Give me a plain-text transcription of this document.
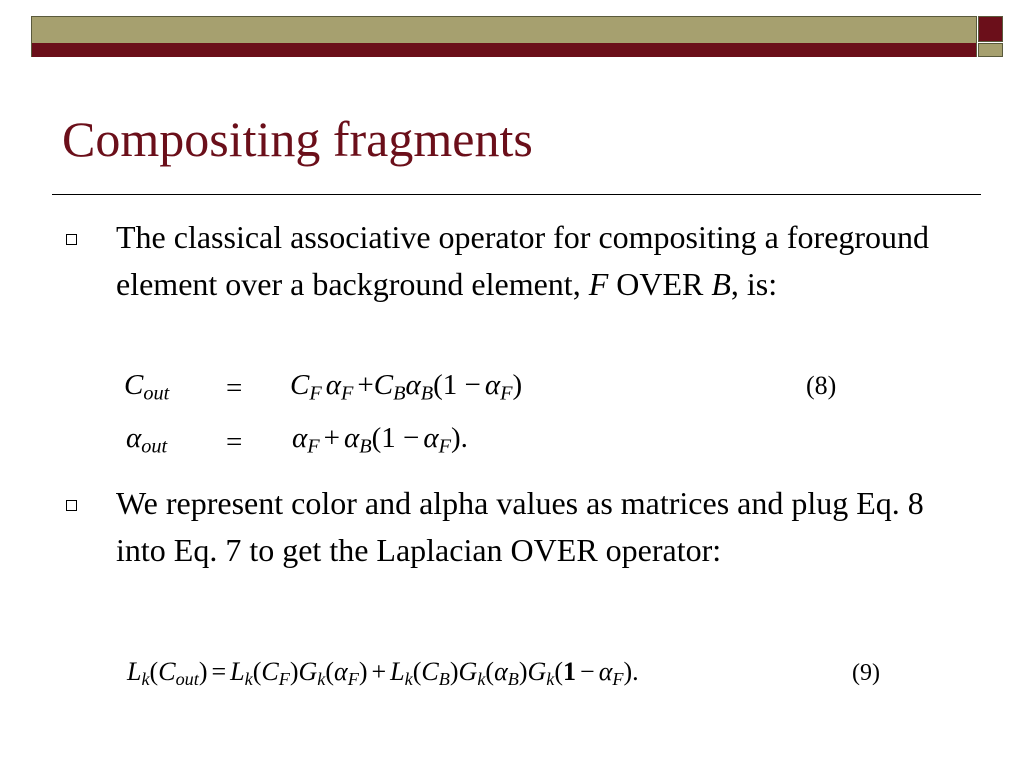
Compositing fragments
The classical associative operator for compositing a foreground element over a background element, F OVER B, is:
$C_{out} = C_F$ $\alpha_F +C_B\alpha_B(1 - \alpha_F)$	(8)
$\alpha_{out} = \alpha_F + \alpha_B(1 - \alpha_F)$.
We represent color and alpha values as matrices and plug Eq. 8 into Eq. 7 to get the Laplacian OVER operator:
$L_k(C_{out}) = L_k(C_F)G_k(\alpha_F) + L_k(C_B)G_k(\alpha_B)G_k(1 - \alpha_F)$.	(9)
